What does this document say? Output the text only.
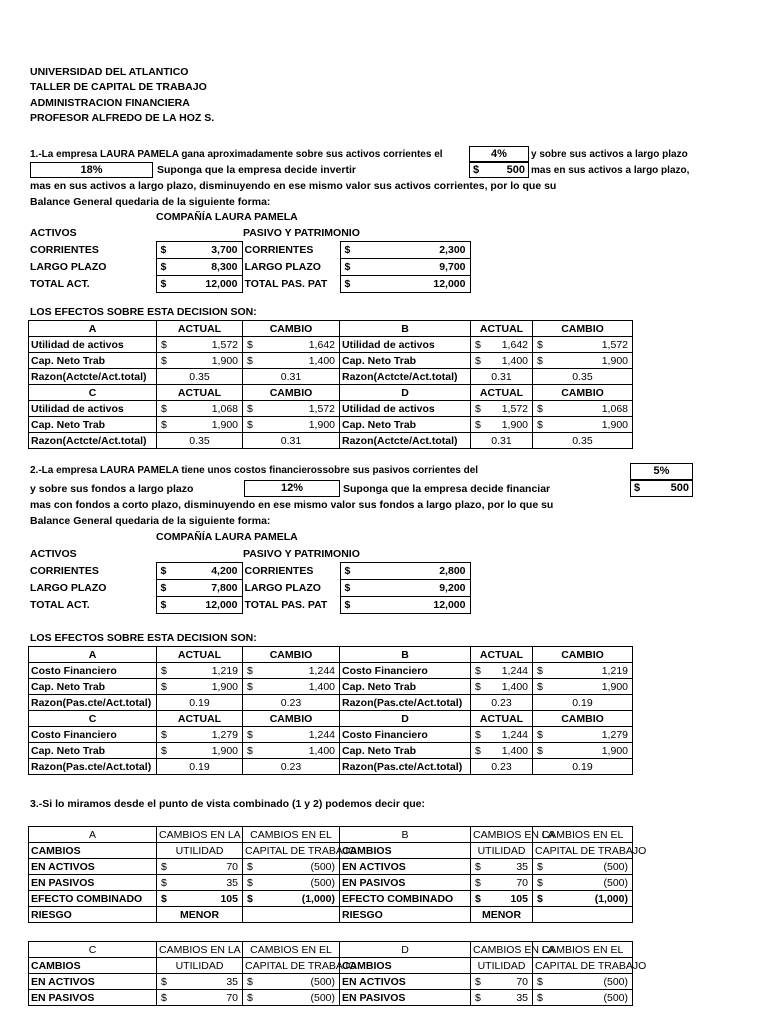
UNIVERSIDAD DEL ATLANTICO
TALLER DE CAPITAL DE TRABAJO
ADMINISTRACION FINANCIERA
PROFESOR ALFREDO DE LA HOZ S.
1.-La empresa LAURA PAMELA gana aproximadamente sobre sus activos corrientes el	4%	y sobre sus activos a largo plazo
18%	Suponga que la empresa decide invertir	$	500 mas en sus activos a largo plazo,
mas en sus activos a largo plazo, disminuyendo en ese mismo valor sus activos corrientes, por lo que su
Balance General quedaria de la siguiente forma:
COMPAÑÍA LAURA PAMELA
ACTIVOS	PASIVO Y PATRIMONIO
CORRIENTES	$ 3,700	CORRIENTES	$ 2,300

LARGO PLAZO	$ 8,300	LARGO PLAZO	$ 9,700

TOTAL ACT.	$ 12,000	TOTAL PAS. PAT	$ 12,000
LOS EFECTOS SOBRE ESTA DECISION SON:
A	ACTUAL	CAMBIO	B	ACTUAL	CAMBIO
Utilidad de activos	$ 1,572	$ 1,642	Utilidad de activos	$ 1,642	$ 1,572

Cap. Neto Trab	$ 1,900	$ 1,400	Cap. Neto Trab	$ 1,400	$ 1,900

Razon(Actcte/Act.total)	0.35	0.31	Razon(Actcte/Act.total)	0.31	0.35
C	ACTUAL	CAMBIO	D	ACTUAL	CAMBIO
Utilidad de activos	$ 1,068	$ 1,572	Utilidad de activos	$ 1,572	$ 1,068

Cap. Neto Trab	$ 1,900	$ 1,900	Cap. Neto Trab	$ 1,900	$ 1,900

Razon(Actcte/Act.total)	0.35	0.31	Razon(Actcte/Act.total)	0.31	0.35
2.-La empresa LAURA PAMELA tiene unos costos financierossobre sus pasivos corrientes del	5%
y sobre sus fondos a largo plazo	12%	Suponga que la empresa decide financiar	$	500
mas con fondos a corto plazo, disminuyendo en ese mismo valor sus fondos a largo plazo, por lo que su
Balance General quedaria de la siguiente forma:
COMPAÑÍA LAURA PAMELA
ACTIVOS	PASIVO Y PATRIMONIO
CORRIENTES	$ 4,200	CORRIENTES	$ 2,800

LARGO PLAZO	$ 7,800	LARGO PLAZO	$ 9,200

TOTAL ACT.	$ 12,000	TOTAL PAS. PAT	$ 12,000
LOS EFECTOS SOBRE ESTA DECISION SON:
A	ACTUAL	CAMBIO	B	ACTUAL	CAMBIO
Costo Financiero	$ 1,219	$ 1,244	Costo Financiero	$ 1,244	$ 1,219

Cap. Neto Trab	$ 1,900	$ 1,400	Cap. Neto Trab	$ 1,400	$ 1,900

Razon(Pas.cte/Act.total)	0.19	0.23	Razon(Pas.cte/Act.total)	0.23	0.19
C	ACTUAL	CAMBIO	D	ACTUAL	CAMBIO
Costo Financiero	$ 1,279	$ 1,244	Costo Financiero	$ 1,244	$ 1,279

Cap. Neto Trab	$ 1,900	$ 1,400	Cap. Neto Trab	$ 1,400	$ 1,900

Razon(Pas.cte/Act.total)	0.19	0.23	Razon(Pas.cte/Act.total)	0.23	0.19
3.-Si lo miramos desde el punto de vista combinado (1 y 2) podemos decir que:
A	CAMBIOS EN LA	CAMBIOS EN EL	B	CAMBIOS EN LA	CAMBIOS EN EL
CAMBIOS	UTILIDAD	CAPITAL DE TRABAJO	CAMBIOS	UTILIDAD	CAPITAL DE TRABAJO
EN ACTIVOS	$ 70	$ (500)	EN ACTIVOS	$ 35	$ (500)

EN PASIVOS	$ 35	$ (500)	EN PASIVOS	$ 70	$ (500)

EFECTO COMBINADO	$ 105	$ (1,000)	EFECTO COMBINADO	$ 105	$ (1,000)

RIESGO	MENOR		RIESGO	MENOR	
C	CAMBIOS EN LA	CAMBIOS EN EL	D	CAMBIOS EN LA	CAMBIOS EN EL
CAMBIOS	UTILIDAD	CAPITAL DE TRABAJO	CAMBIOS	UTILIDAD	CAPITAL DE TRABAJO
EN ACTIVOS	$ 35	$ (500)	EN ACTIVOS	$ 70	$ (500)

EN PASIVOS	$ 70	$ (500)	EN PASIVOS	$ 35	$ (500)
